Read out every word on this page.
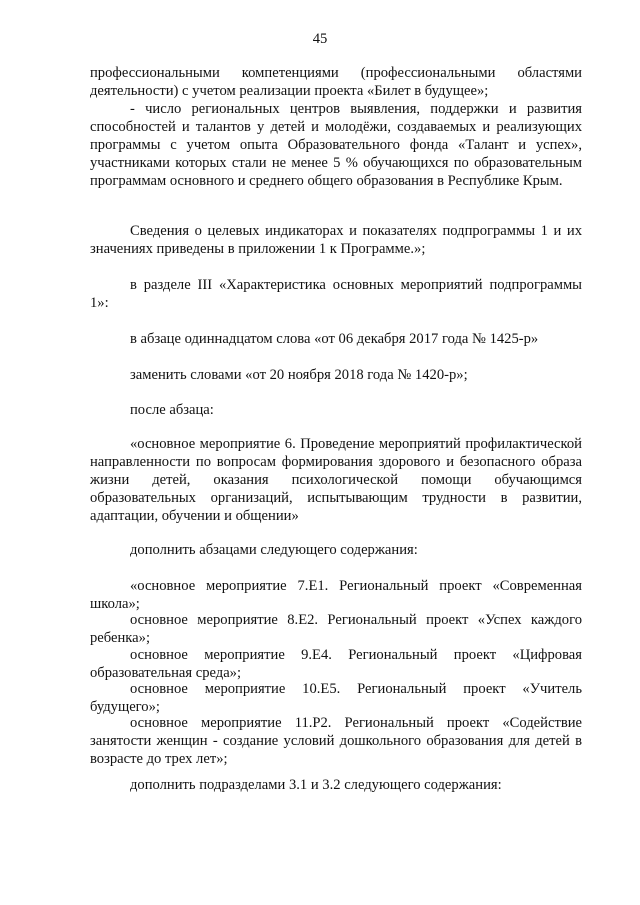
45

профессиональными компетенциями (профессиональными областями деятельности) с учетом реализации проекта «Билет в будущее»;

- число региональных центров выявления, поддержки и развития способностей и талантов у детей и молодёжи, создаваемых и реализующих программы с учетом опыта Образовательного фонда «Талант и успех», участниками которых стали не менее 5 % обучающихся по образовательным программам основного и среднего общего образования в Республике Крым.

Сведения о целевых индикаторах и показателях подпрограммы 1 и их значениях приведены в приложении 1 к Программе.»;

в разделе III «Характеристика основных мероприятий подпрограммы 1»:

в абзаце одиннадцатом слова «от 06 декабря 2017 года № 1425-р»

заменить словами «от 20 ноября 2018 года № 1420-р»;

после абзаца:

«основное мероприятие 6. Проведение мероприятий профилактической направленности по вопросам формирования здорового и безопасного образа жизни детей, оказания психологической помощи обучающимся образовательных организаций, испытывающим трудности в развитии, адаптации, обучении и общении»

дополнить абзацами следующего содержания:

«основное мероприятие 7.Е1. Региональный проект «Современная школа»;

основное мероприятие 8.Е2. Региональный проект «Успех каждого ребенка»;

основное мероприятие 9.Е4. Региональный проект «Цифровая образовательная среда»;

основное мероприятие 10.Е5. Региональный проект «Учитель будущего»;

основное мероприятие 11.Р2. Региональный проект «Содействие занятости женщин - создание условий дошкольного образования для детей в возрасте до трех лет»;

дополнить подразделами 3.1 и 3.2 следующего содержания:
